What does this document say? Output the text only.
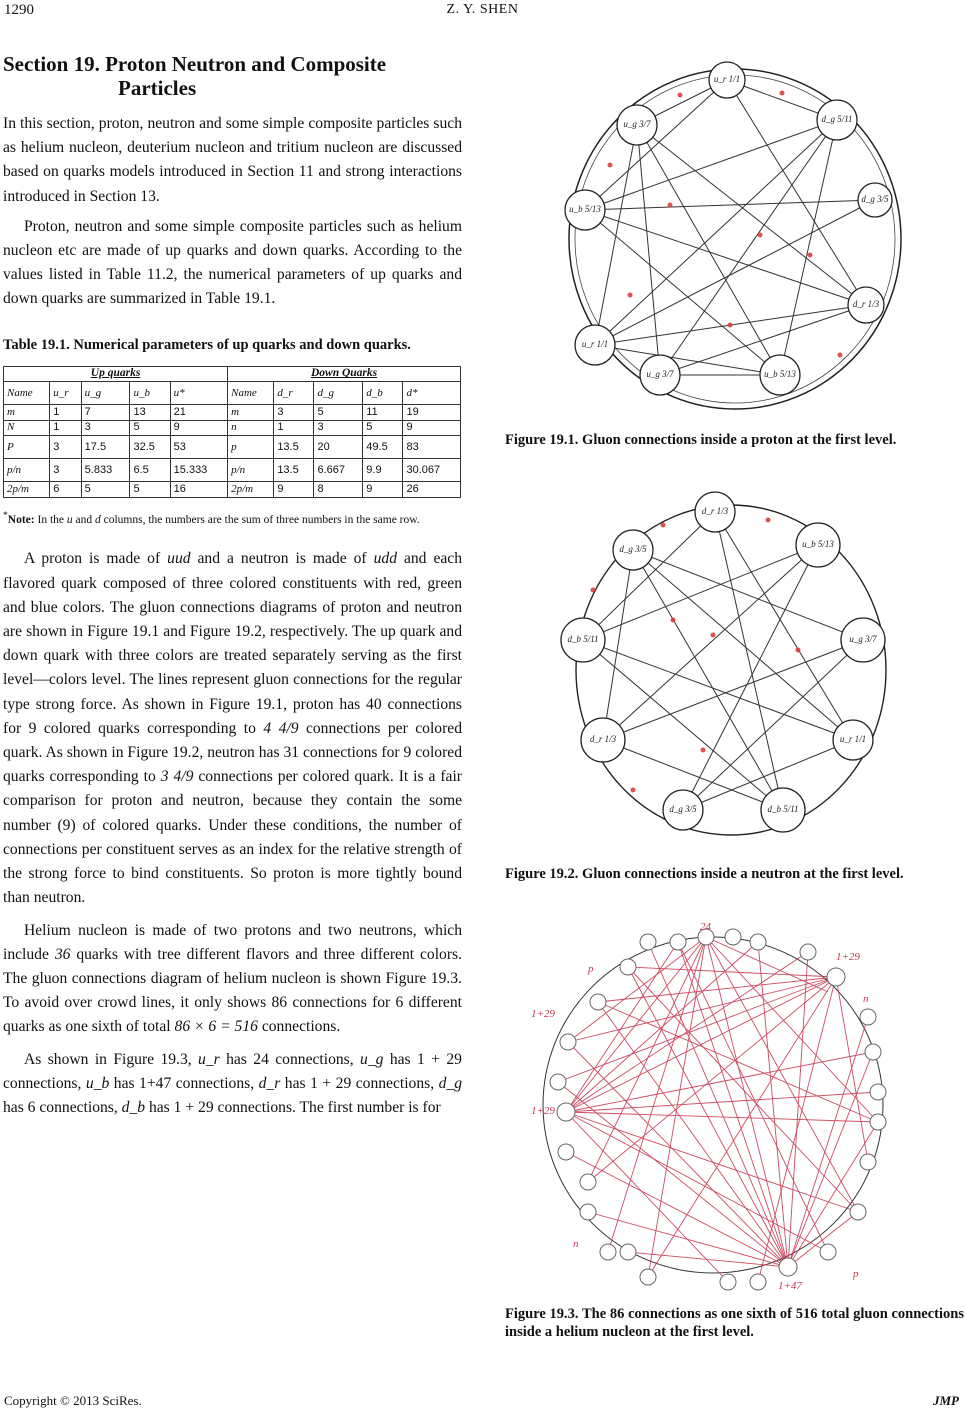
1290	Z. Y. SHEN
Section 19. Proton Neutron and Composite
Particles

In this section, proton, neutron and some simple composite particles such as helium nucleon, deuterium nucleon and tritium nucleon are discussed based on quarks models introduced in Section 11 and strong interactions introduced in Section 13.

Proton, neutron and some simple composite particles such as helium nucleon etc are made of up quarks and down quarks. According to the values listed in Table 11.2, the numerical parameters of up quarks and down quarks are summarized in Table 19.1.

Table 19.1. Numerical parameters of up quarks and down quarks.
Up quarks					Down Quarks				
Name	u_r	u_g	u_b	u*	Name	d_r	d_g	d_b	d*
m	1	7	13	21	m	3	5	11	19
N	1	3	5	9	n	1	3	5	9
P	3	17.5	32.5	53	p	13.5	20	49.5	83
p/n	3	5.833	6.5	15.333	p/n	13.5	6.667	9.9	30.067
2p/m	6	5	5	16	2p/m	9	8	9	26

*Note: In the u and d columns, the numbers are the sum of three numbers in the same row.

A proton is made of uud and a neutron is made of udd and each flavored quark composed of three colored constituents with red, green and blue colors. The gluon connections diagrams of proton and neutron are shown in Figure 19.1 and Figure 19.2, respectively. The up quark and down quark with three colors are treated separately serving as the first level—colors level. The lines represent gluon connections for the regular type strong force. As shown in Figure 19.1, proton has 40 connections for 9 colored quarks corresponding to 4 4/9 connections per colored quark. As shown in Figure 19.2, neutron has 31 connections for 9 colored quarks corresponding to 3 4/9 connections per colored quark. It is a fair comparison for proton and neutron, because they contain the some number (9) of colored quarks. Under these conditions, the number of connections per constituent serves as an index for the relative strength of the strong force to bind constituents. So proton is more tightly bound than neutron.

Helium nucleon is made of two protons and two neutrons, which include 36 quarks with tree different flavors and three different colors. The gluon connections diagram of helium nucleon is shown Figure 19.3. To avoid over crowd lines, it only shows 86 connections for 6 different quarks as one sixth of total 86 × 6 = 516 connections.

As shown in Figure 19.3, u_r has 24 connections, u_g has 1 + 29 connections, u_b has 1+47 connections, d_r has 1 + 29 connections, d_g has 6 connections, d_b has 1 + 29 connections. The first number is for

u_r 1/1
d_g 5/11
d_g 3/5
d_r 1/3
u_b 5/13
u_g 3/7
u_r 1/1
u_b 5/13
u_g 3/7
Figure 19.1. Gluon connections inside a proton at the first level.
d_r 1/3
u_b 5/13
u_g 3/7
u_r 1/1
d_b 5/11
d_g 3/5
d_r 1/3
d_b 5/11
d_g 3/5
Figure 19.2. Gluon connections inside a neutron at the first level.
p
n
p
n
1+29
1+29
1+29
1+47
24
Figure 19.3. The 86 connections as one sixth of 516 total gluon connections inside a helium nucleon at the first level.
Copyright © 2013 SciRes.	JMP
